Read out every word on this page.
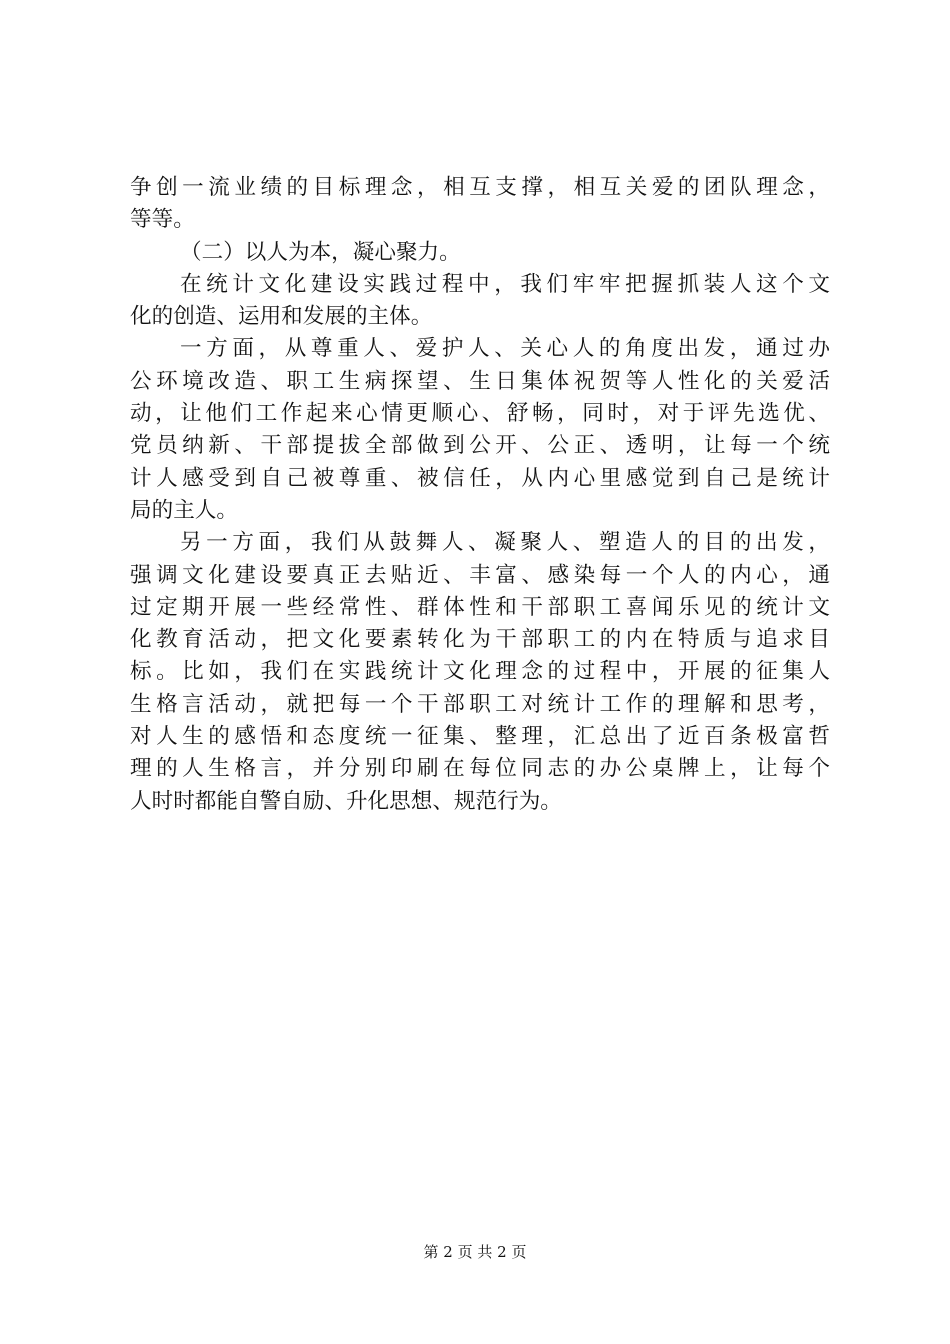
争创一流业绩的目标理念，相互支撑，相互关爱的团队理念，
等等。
（二）以人为本，凝心聚力。
在统计文化建设实践过程中，我们牢牢把握抓装人这个文
化的创造、运用和发展的主体。
一方面，从尊重人、爱护人、关心人的角度出发，通过办
公环境改造、职工生病探望、生日集体祝贺等人性化的关爱活
动，让他们工作起来心情更顺心、舒畅，同时，对于评先选优、
党员纳新、干部提拔全部做到公开、公正、透明，让每一个统
计人感受到自己被尊重、被信任，从内心里感觉到自己是统计
局的主人。
另一方面，我们从鼓舞人、凝聚人、塑造人的目的出发，
强调文化建设要真正去贴近、丰富、感染每一个人的内心，通
过定期开展一些经常性、群体性和干部职工喜闻乐见的统计文
化教育活动，把文化要素转化为干部职工的内在特质与追求目
标。比如，我们在实践统计文化理念的过程中，开展的征集人
生格言活动，就把每一个干部职工对统计工作的理解和思考，
对人生的感悟和态度统一征集、整理，汇总出了近百条极富哲
理的人生格言，并分别印刷在每位同志的办公桌牌上，让每个
人时时都能自警自励、升化思想、规范行为。
第 2 页 共 2 页
